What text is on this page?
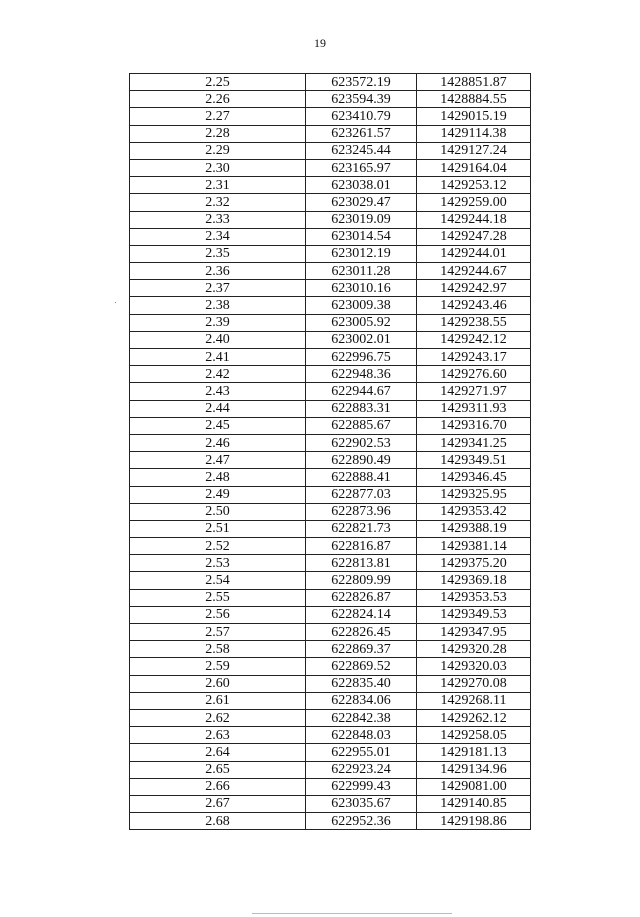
19
2.25	623572.19	1428851.87
2.26	623594.39	1428884.55
2.27	623410.79	1429015.19
2.28	623261.57	1429114.38
2.29	623245.44	1429127.24
2.30	623165.97	1429164.04
2.31	623038.01	1429253.12
2.32	623029.47	1429259.00
2.33	623019.09	1429244.18
2.34	623014.54	1429247.28
2.35	623012.19	1429244.01
2.36	623011.28	1429244.67
2.37	623010.16	1429242.97
2.38	623009.38	1429243.46
2.39	623005.92	1429238.55
2.40	623002.01	1429242.12
2.41	622996.75	1429243.17
2.42	622948.36	1429276.60
2.43	622944.67	1429271.97
2.44	622883.31	1429311.93
2.45	622885.67	1429316.70
2.46	622902.53	1429341.25
2.47	622890.49	1429349.51
2.48	622888.41	1429346.45
2.49	622877.03	1429325.95
2.50	622873.96	1429353.42
2.51	622821.73	1429388.19
2.52	622816.87	1429381.14
2.53	622813.81	1429375.20
2.54	622809.99	1429369.18
2.55	622826.87	1429353.53
2.56	622824.14	1429349.53
2.57	622826.45	1429347.95
2.58	622869.37	1429320.28
2.59	622869.52	1429320.03
2.60	622835.40	1429270.08
2.61	622834.06	1429268.11
2.62	622842.38	1429262.12
2.63	622848.03	1429258.05
2.64	622955.01	1429181.13
2.65	622923.24	1429134.96
2.66	622999.43	1429081.00
2.67	623035.67	1429140.85
2.68	622952.36	1429198.86
